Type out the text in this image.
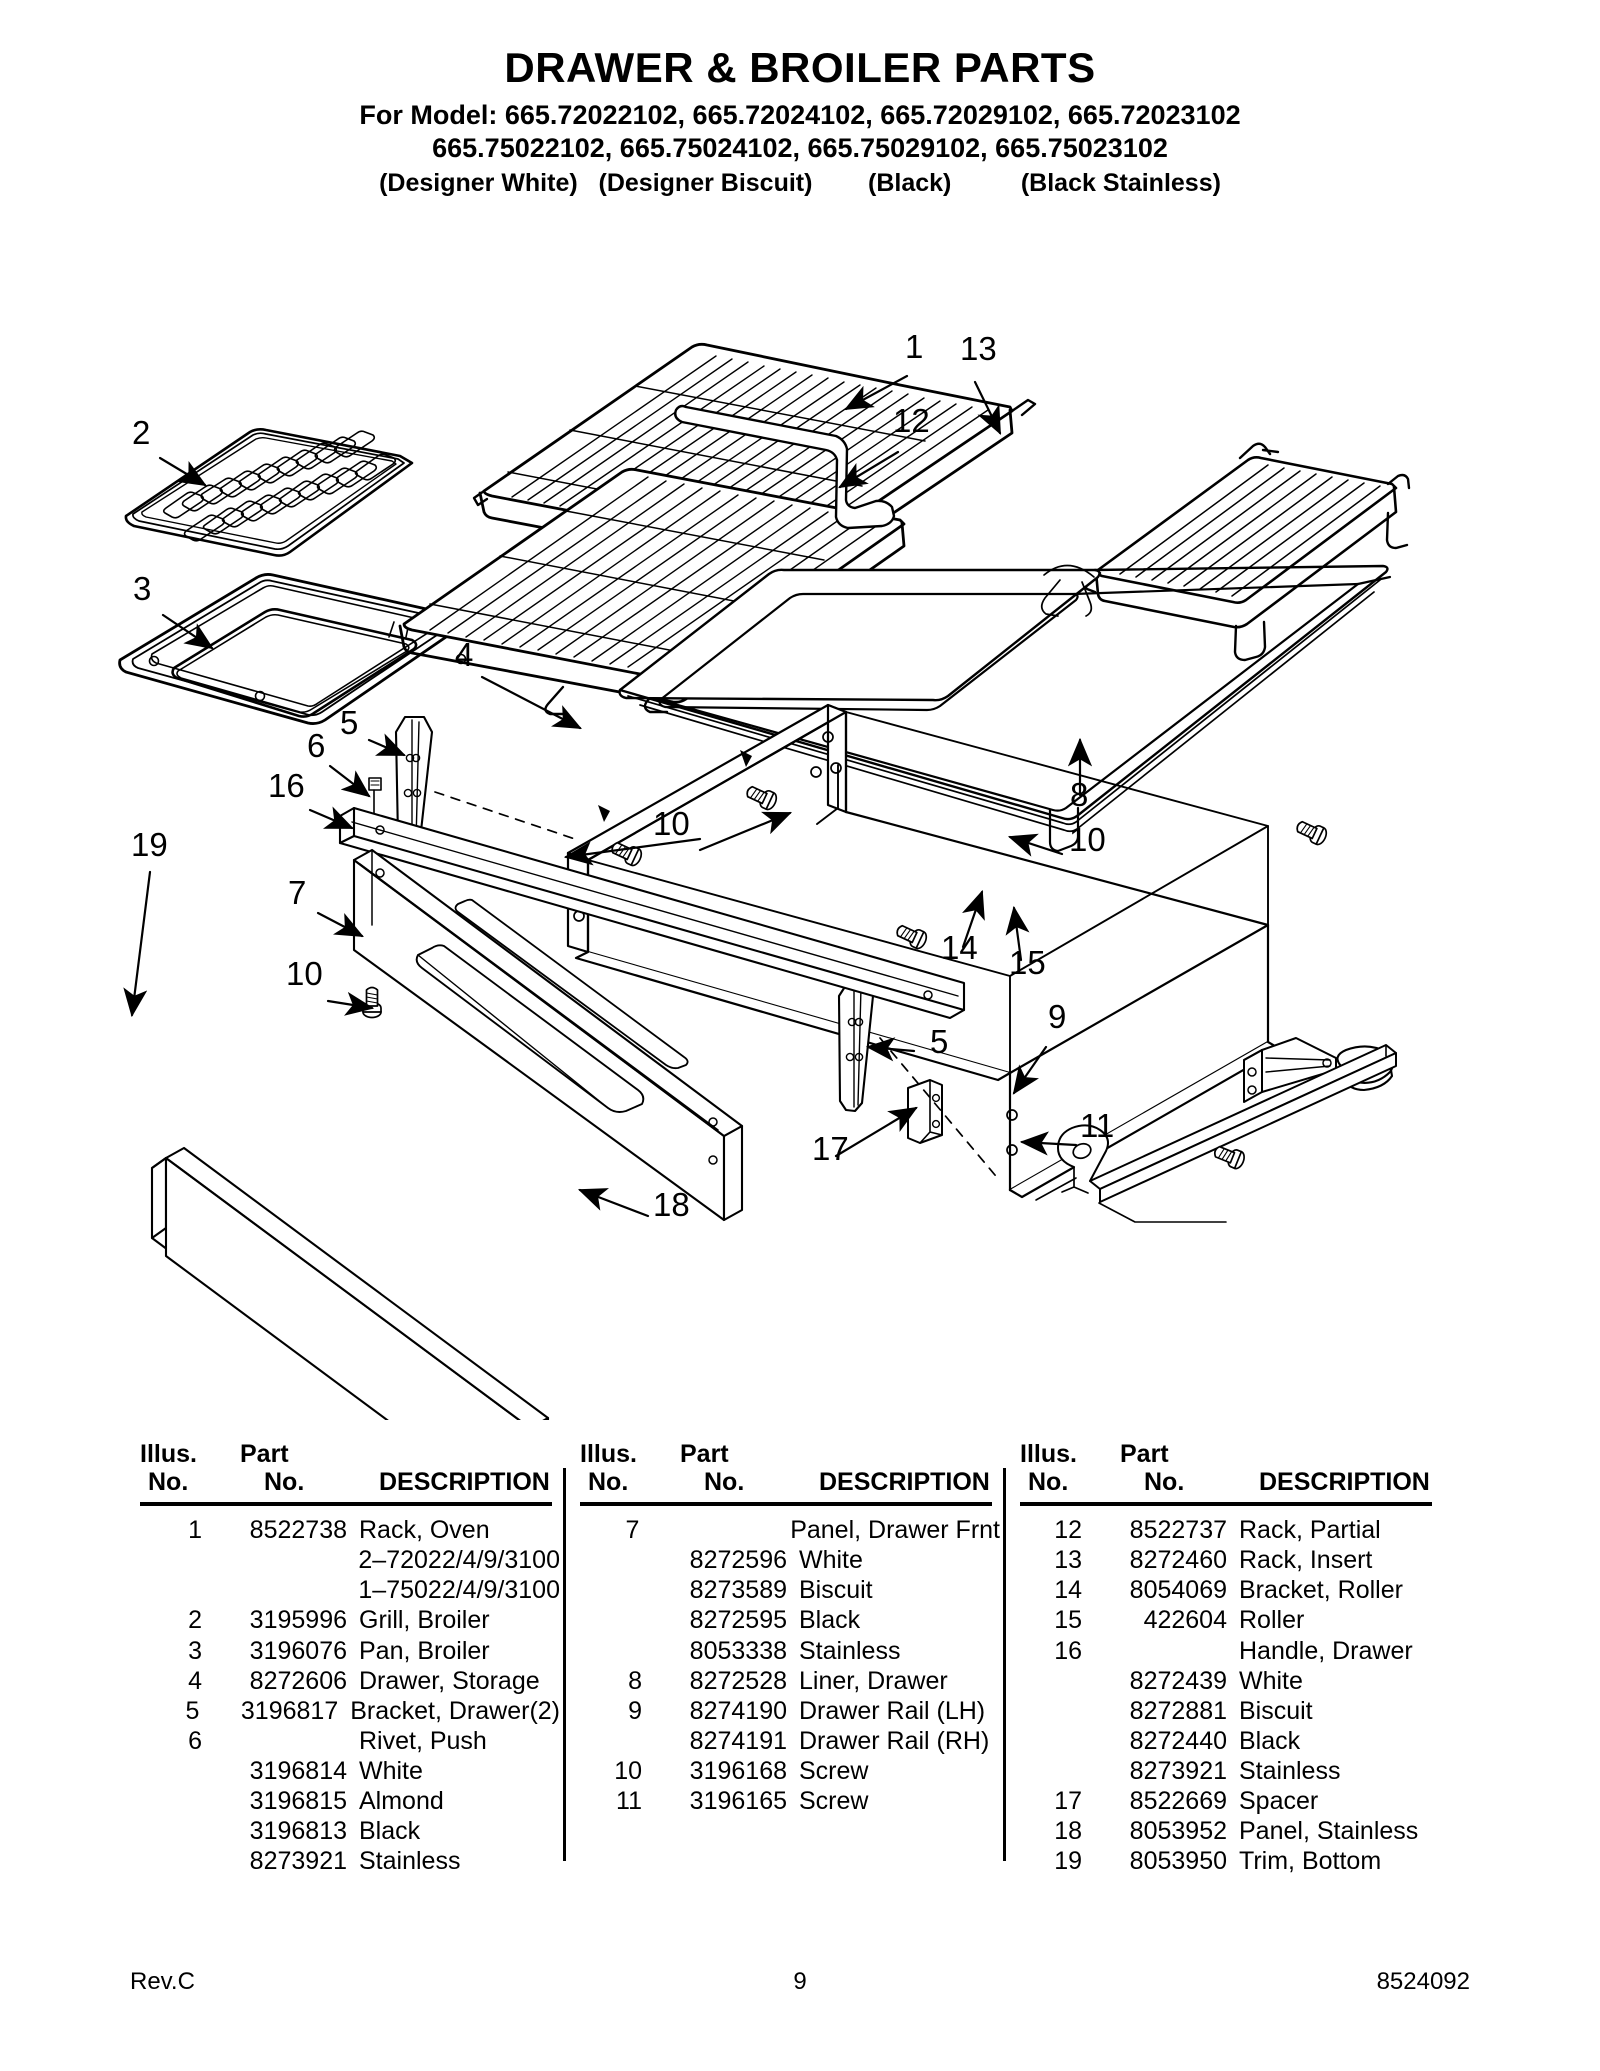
DRAWER & BROILER PARTS
For Model: 665.72022102, 665.72024102, 665.72029102, 665.72023102
665.75022102, 665.75024102, 665.75029102, 665.75023102
(Designer White)   (Designer Biscuit)        (Black)          (Black Stainless)
1
2
3
4
5
5
6
7
8
9
10	10
10
11
12
13
14 15
16
17
18
19
Illus.	Part
No.	No.	DESCRIPTION
1	8522738 Rack, Oven
2–72022/4/9/3100
1–75022/4/9/3100
2	3195996 Grill, Broiler
3	3196076 Pan, Broiler
4	8272606 Drawer, Storage
5	3196817 Bracket, Drawer(2)
6	Rivet, Push
3196814 White
3196815 Almond
3196813 Black
8273921 Stainless
Illus.	Part
No.	No.	DESCRIPTION
7	Panel, Drawer Frnt
8272596 White
8273589 Biscuit
8272595 Black
8053338 Stainless
8	8272528 Liner, Drawer
9	8274190 Drawer Rail (LH)
8274191 Drawer Rail (RH)
10	3196168 Screw
11	3196165 Screw
Illus.	Part
No.	No.	DESCRIPTION
12	8522737 Rack, Partial
13	8272460 Rack, Insert
14	8054069 Bracket, Roller
15	422604 Roller
16	Handle, Drawer
8272439 White
8272881 Biscuit
8272440 Black
8273921 Stainless
17	8522669 Spacer
18	8053952 Panel, Stainless
19	8053950 Trim, Bottom
Rev.C	9	8524092
